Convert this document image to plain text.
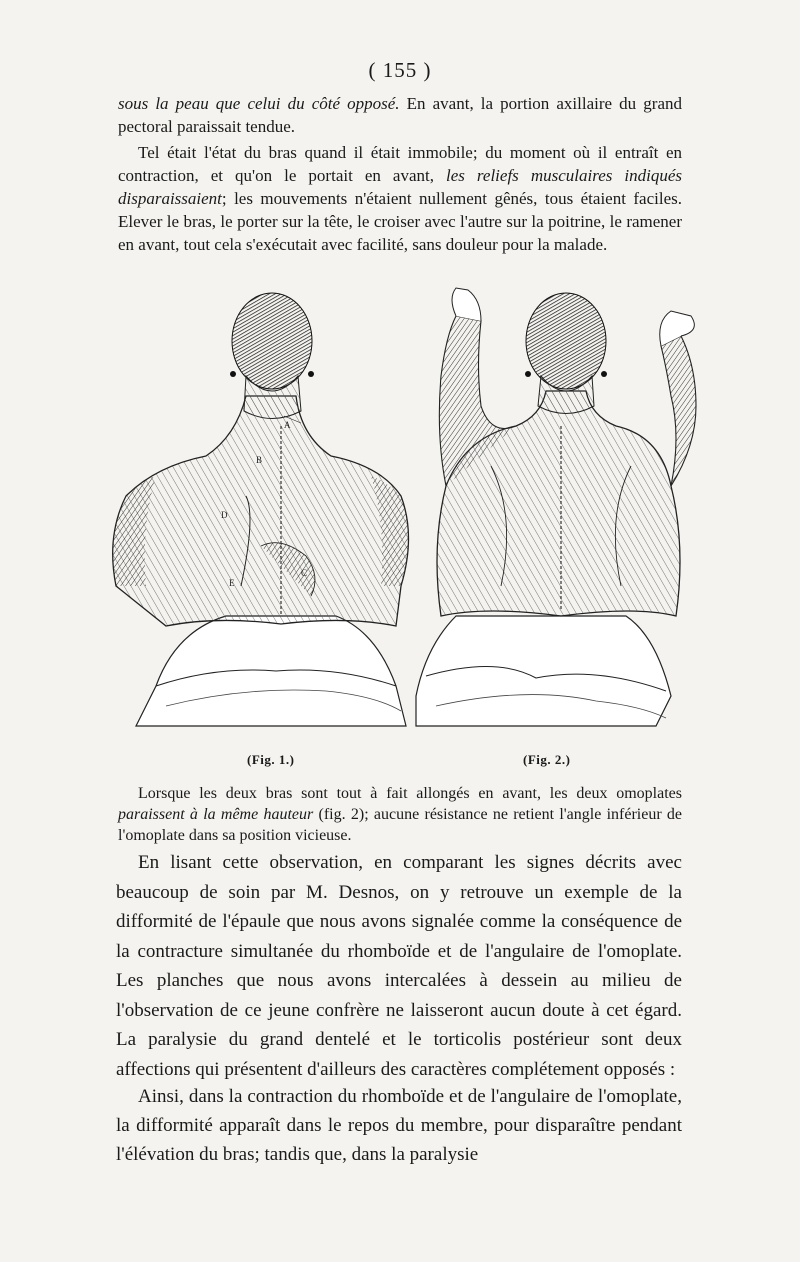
( 155 )

sous la peau que celui du côté opposé. En avant, la portion axillaire du grand pectoral paraissait tendue.

Tel était l'état du bras quand il était immobile; du moment où il entraît en contraction, et qu'on le portait en avant, les reliefs musculaires indiqués disparaissaient; les mouvements n'étaient nullement gênés, tous étaient faciles. Elever le bras, le porter sur la tête, le croiser avec l'autre sur la poitrine, le ramener en avant, tout cela s'exécutait avec facilité, sans douleur pour la malade.

A
B
C
D
E
(Fig. 1.)	(Fig. 2.)

Lorsque les deux bras sont tout à fait allongés en avant, les deux omoplates paraissent à la même hauteur (fig. 2); aucune résistance ne retient l'angle inférieur de l'omoplate dans sa position vicieuse.

En lisant cette observation, en comparant les signes décrits avec beaucoup de soin par M. Desnos, on y retrouve un exemple de la difformité de l'épaule que nous avons signalée comme la conséquence de la contracture simultanée du rhomboïde et de l'angulaire de l'omoplate. Les planches que nous avons intercalées à dessein au milieu de l'observation de ce jeune confrère ne laisseront aucun doute à cet égard. La paralysie du grand dentelé et le torticolis postérieur sont deux affections qui présentent d'ailleurs des caractères complétement opposés :

Ainsi, dans la contraction du rhomboïde et de l'angulaire de l'omoplate, la difformité apparaît dans le repos du membre, pour disparaître pendant l'élévation du bras; tandis que, dans la paralysie
